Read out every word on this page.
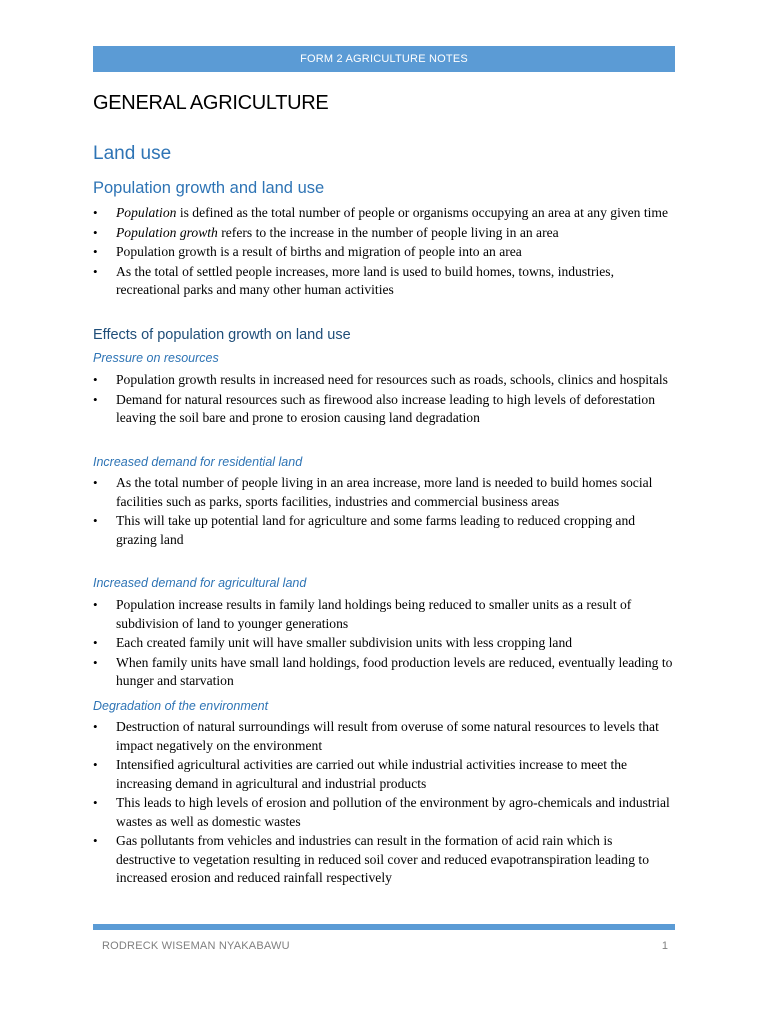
FORM 2 AGRICULTURE NOTES
GENERAL AGRICULTURE
Land use
Population growth and land use
• Population is defined as the total number of people or organisms occupying an area at any given time
• Population growth refers to the increase in the number of people living in an area
• Population growth is a result of births and migration of people into an area
• As the total of settled people increases, more land is used to build homes, towns, industries, recreational parks and many other human activities
Effects of population growth on land use
Pressure on resources
• Population growth results in increased need for resources such as roads, schools, clinics and hospitals
• Demand for natural resources such as firewood also increase leading to high levels of deforestation leaving the soil bare and prone to erosion causing land degradation
Increased demand for residential land
• As the total number of people living in an area increase, more land is needed to build homes social facilities such as parks, sports facilities, industries and commercial business areas
• This will take up potential land for agriculture and some farms leading to reduced cropping and grazing land
Increased demand for agricultural land
• Population increase results in family land holdings being reduced to smaller units as a result of subdivision of land to younger generations
• Each created family unit will have smaller subdivision units with less cropping land
• When family units have small land holdings, food production levels are reduced, eventually leading to hunger and starvation
Degradation of the environment
• Destruction of natural surroundings will result from overuse of some natural resources to levels that impact negatively on the environment
• Intensified agricultural activities are carried out while industrial activities increase to meet the increasing demand in agricultural and industrial products
• This leads to high levels of erosion and pollution of the environment by agro-chemicals and industrial wastes as well as domestic wastes
• Gas pollutants from vehicles and industries can result in the formation of acid rain which is destructive to vegetation resulting in reduced soil cover and reduced evapotranspiration leading to increased erosion and reduced rainfall respectively
RODRECK WISEMAN NYAKABAWU	1
